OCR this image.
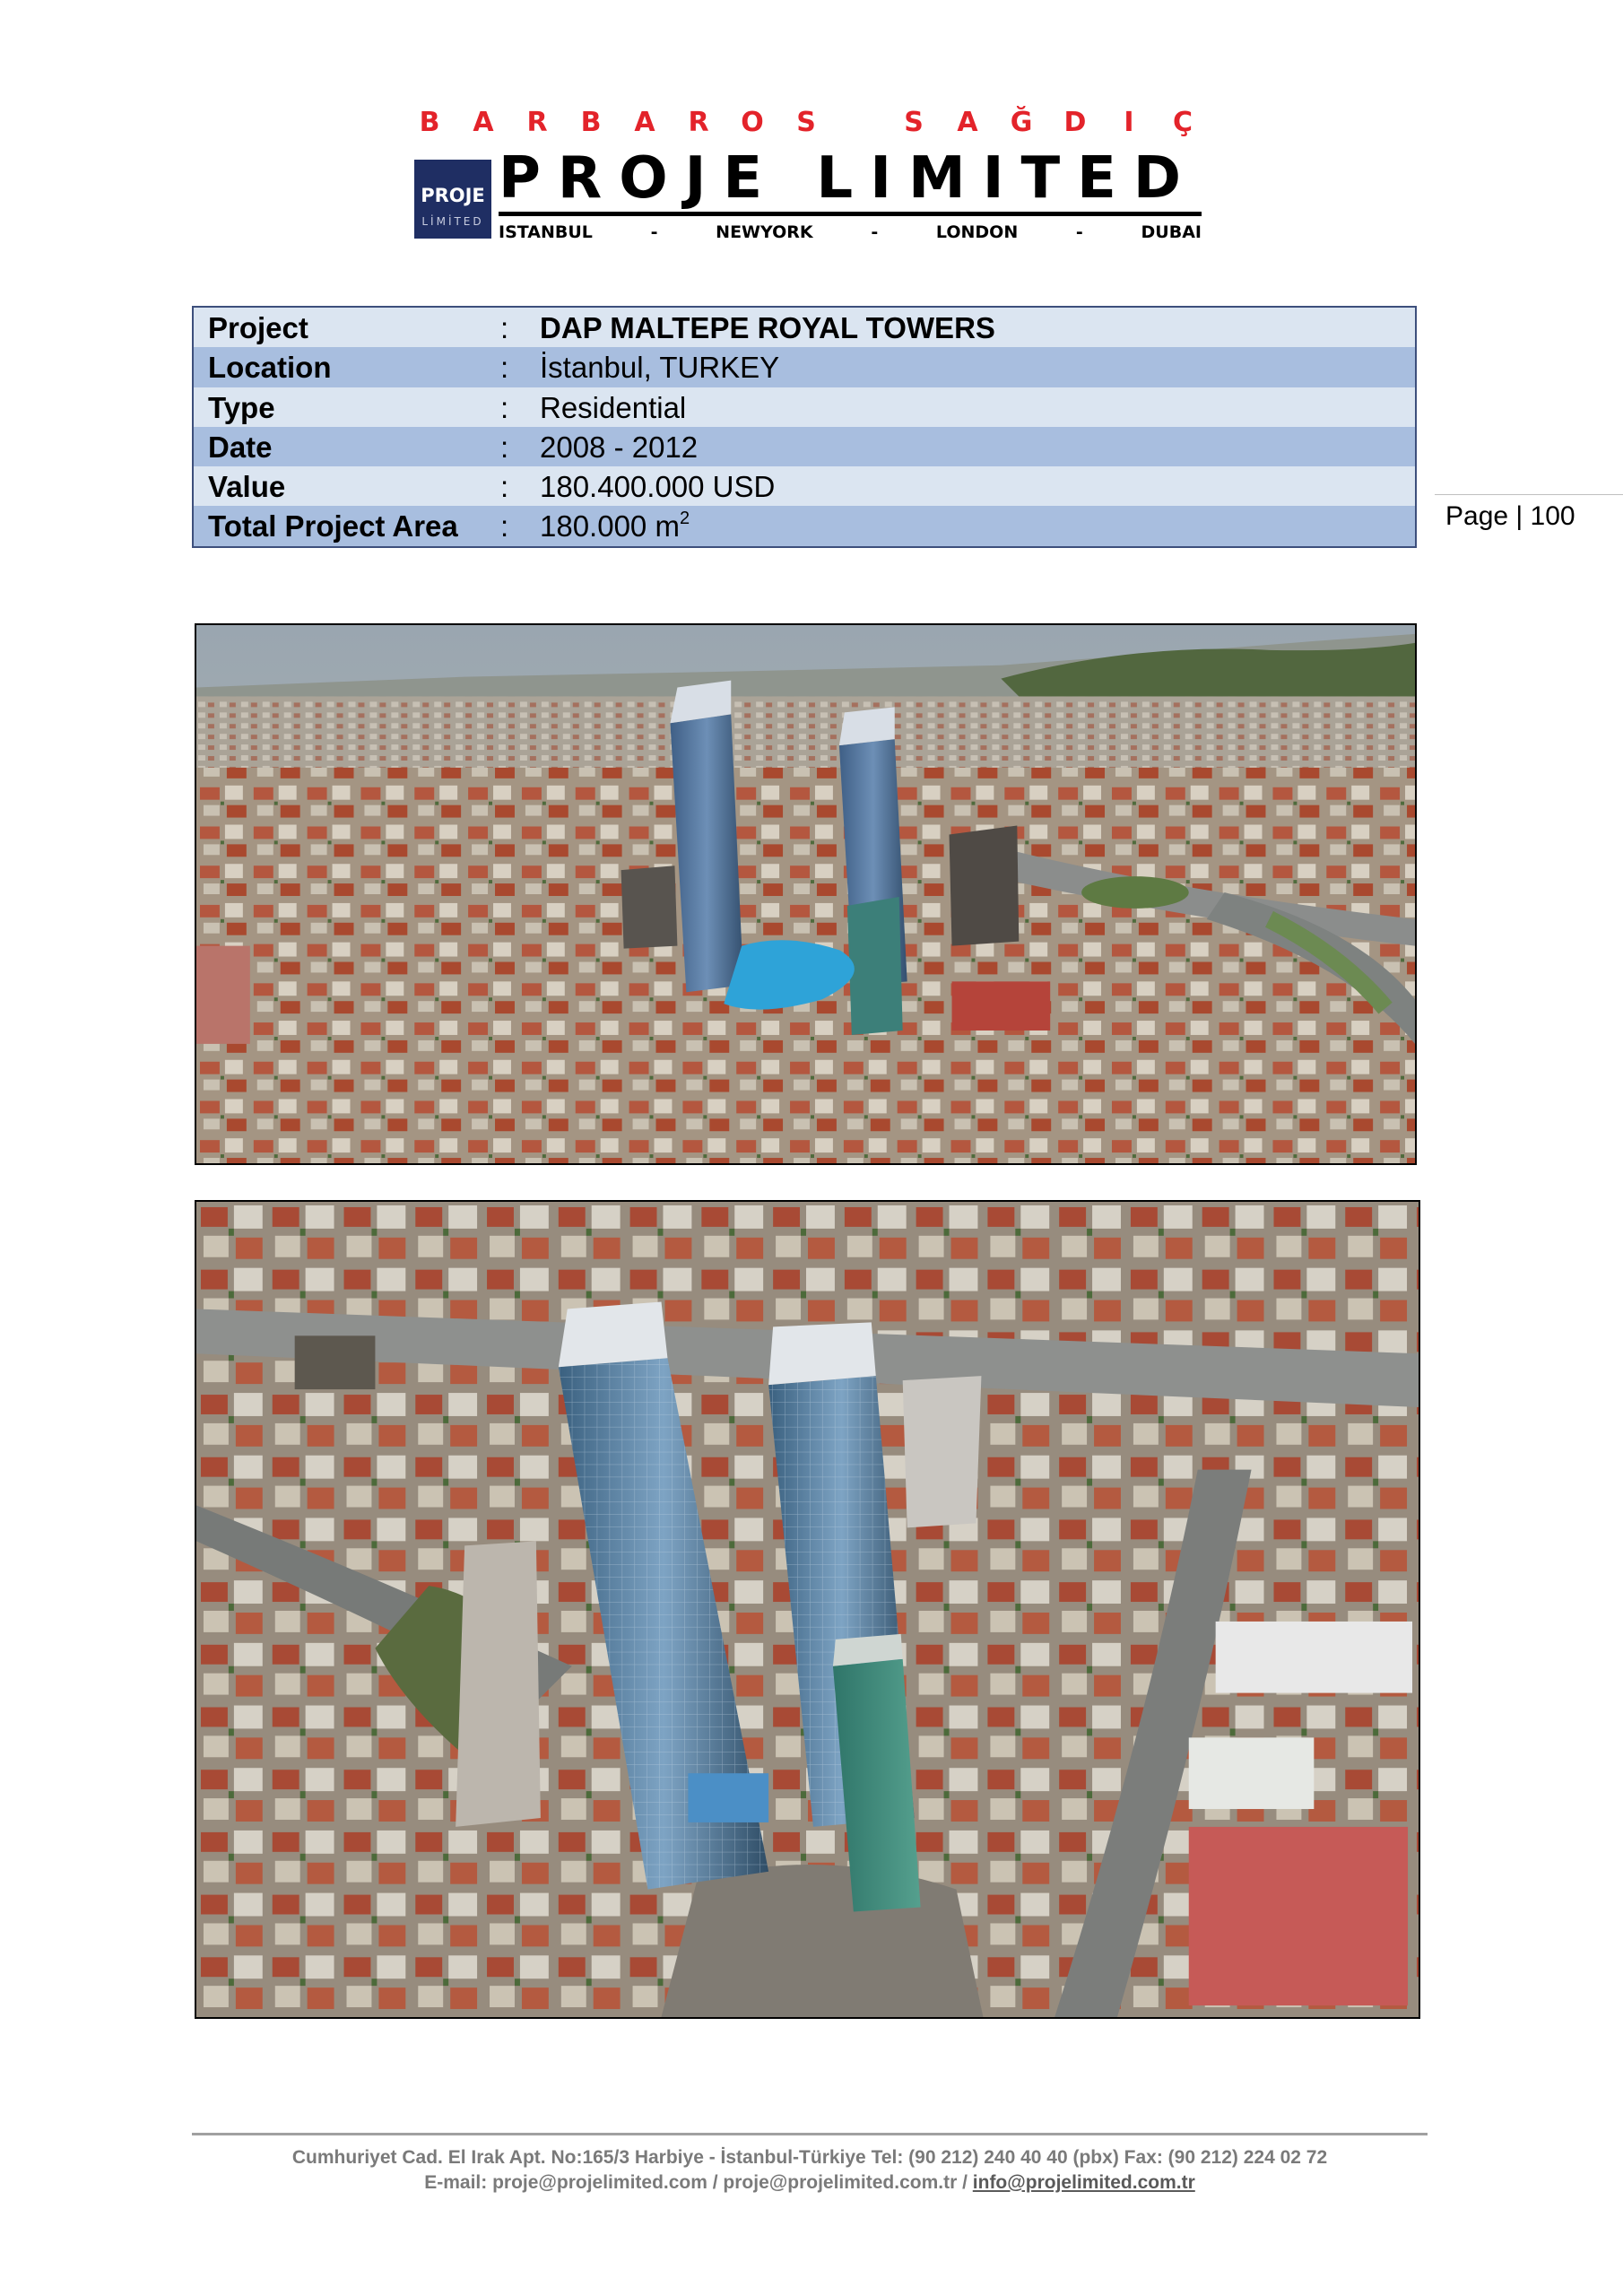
B A R B A R O	S	S	A Ğ D	I	Ç
PROJE
LİMİTED
PROJE LIMITED
ISTANBUL	-	NEWYORK	-	LONDON	-	DUBAI
Project	: DAP MALTEPE ROYAL TOWERS
Location	: İstanbul, TURKEY
Type	: Residential
Date	: 2008 - 2012
Value	: 180.400.000 USD
Total Project Area : 180.000 $m^2$	Page | 100
Cumhuriyet Cad. El Irak Apt. No:165/3 Harbiye - İstanbul-Türkiye Tel: (90 212) 240 40 40 (pbx) Fax: (90 212) 224 02 72
E-mail: proje@projelimited.com / proje@projelimited.com.tr / info@projelimited.com.tr
